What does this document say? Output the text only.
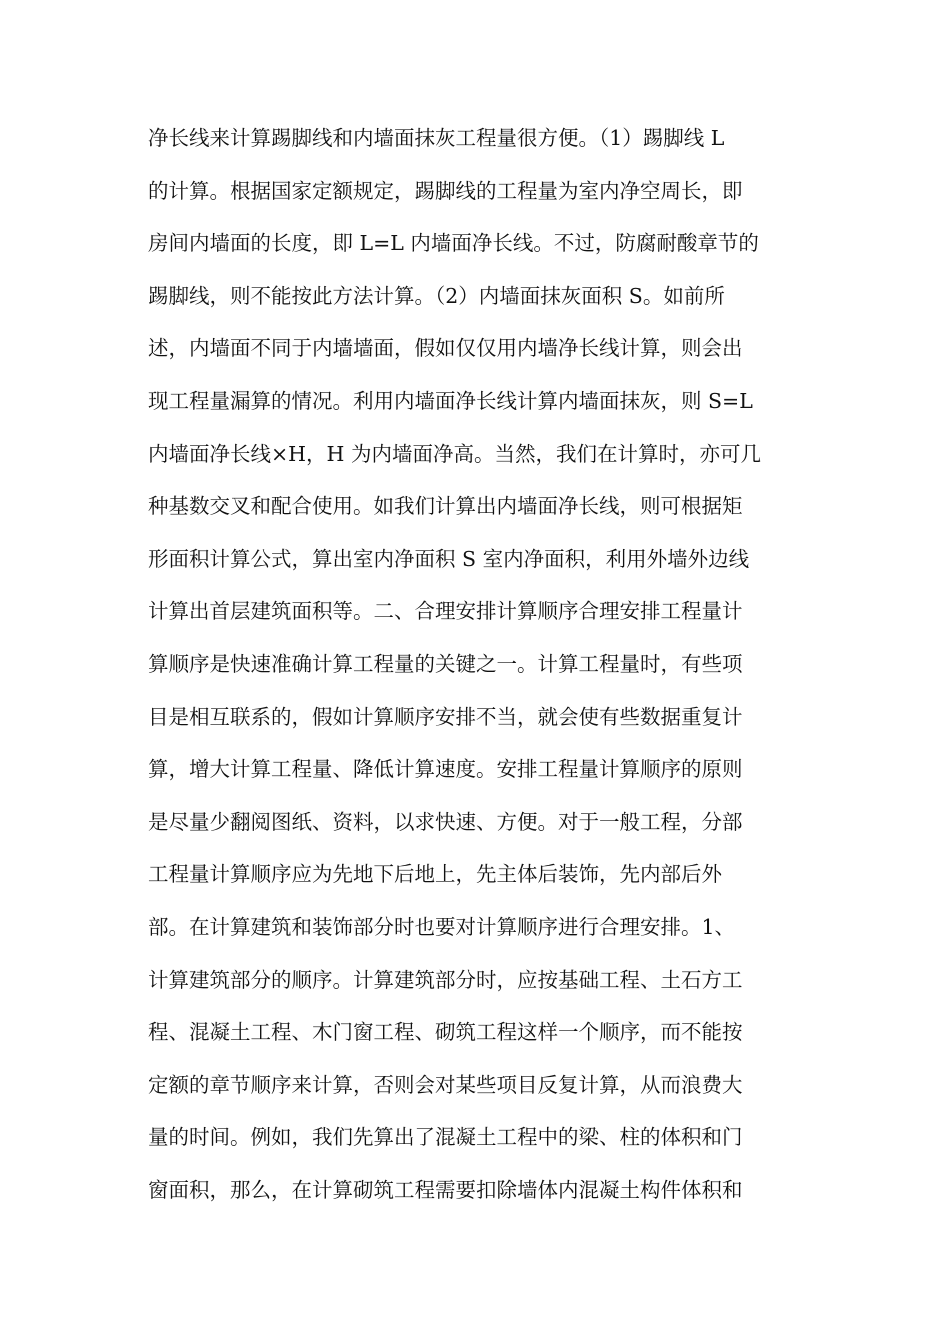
净长线来计算踢脚线和内墙面抹灰工程量很方便。（1）踢脚线 L
的计算。根据国家定额规定，踢脚线的工程量为室内净空周长，即
房间内墙面的长度，即 L=L 内墙面净长线。不过，防腐耐酸章节的
踢脚线，则不能按此方法计算。（2）内墙面抹灰面积 S。如前所
述，内墙面不同于内墙墙面，假如仅仅用内墙净长线计算，则会出
现工程量漏算的情况。利用内墙面净长线计算内墙面抹灰，则 S=L
内墙面净长线×H，H 为内墙面净高。当然，我们在计算时，亦可几
种基数交叉和配合使用。如我们计算出内墙面净长线，则可根据矩
形面积计算公式，算出室内净面积 S 室内净面积，利用外墙外边线
计算出首层建筑面积等。二、合理安排计算顺序合理安排工程量计
算顺序是快速准确计算工程量的关键之一。计算工程量时，有些项
目是相互联系的，假如计算顺序安排不当，就会使有些数据重复计
算，增大计算工程量、降低计算速度。安排工程量计算顺序的原则
是尽量少翻阅图纸、资料，以求快速、方便。对于一般工程，分部
工程量计算顺序应为先地下后地上，先主体后装饰，先内部后外
部。在计算建筑和装饰部分时也要对计算顺序进行合理安排。1、
计算建筑部分的顺序。计算建筑部分时，应按基础工程、土石方工
程、混凝土工程、木门窗工程、砌筑工程这样一个顺序，而不能按
定额的章节顺序来计算，否则会对某些项目反复计算，从而浪费大
量的时间。例如，我们先算出了混凝土工程中的梁、柱的体积和门
窗面积，那么，在计算砌筑工程需要扣除墙体内混凝土构件体积和
